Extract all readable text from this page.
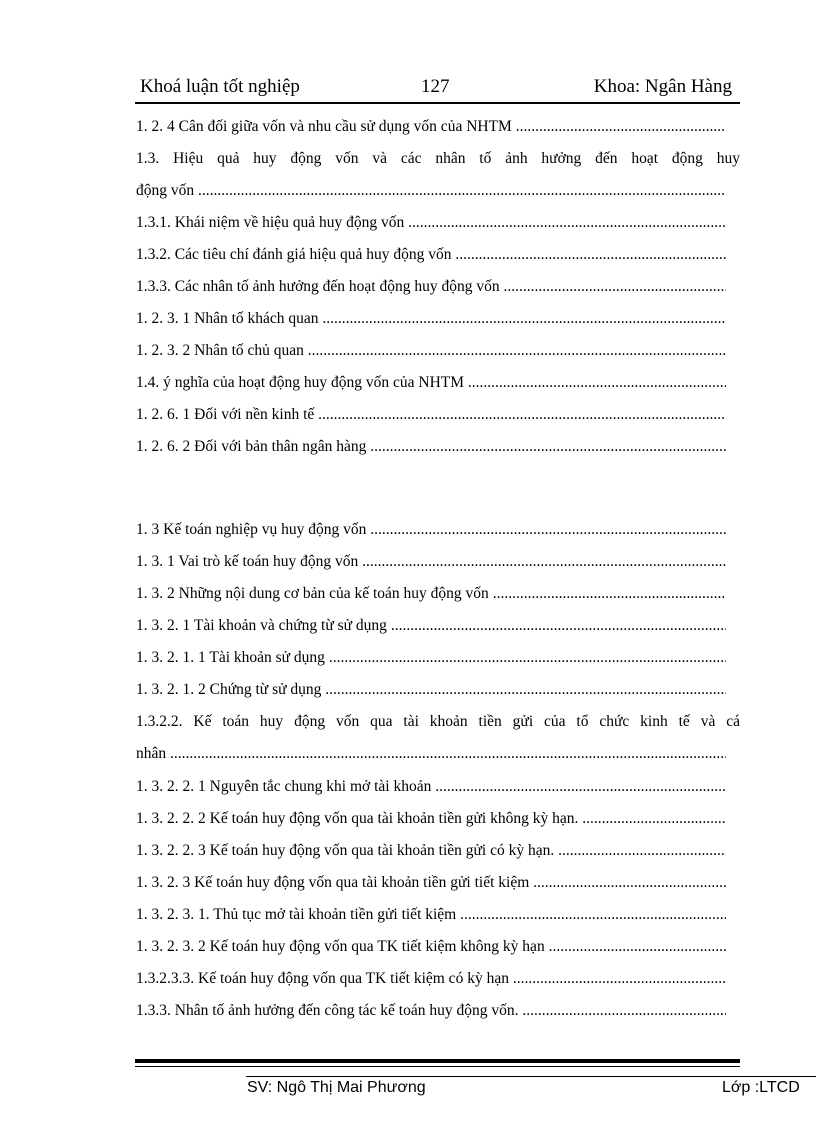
Khoá luận tốt nghiệp	127	Khoa: Ngân Hàng
1. 2. 4 Cân đối giữa vốn và nhu cầu sử dụng vốn của NHTM .....
1.3. Hiệu quả huy động vốn và các nhân tố ảnh hưởng đến hoạt động huy
động vốn .....
1.3.1. Khái niệm về hiệu quả huy động vốn .....
1.3.2. Các tiêu chí đánh giá hiệu quả huy động vốn .....
1.3.3. Các nhân tố ảnh hưởng đến hoạt động huy động vốn .....
1. 2. 3. 1 Nhân tố khách quan .....
1. 2. 3. 2 Nhân tố chủ quan .....
1.4. ý nghĩa của hoạt động huy động vốn của NHTM .....
1. 2. 6. 1 Đối với nền kinh tế .....
1. 2. 6. 2 Đối với bản thân ngân hàng .....
1. 3 Kế toán nghiệp vụ huy động vốn .....
1. 3. 1 Vai trò kế toán huy động vốn .....
1. 3. 2 Những nội dung cơ bản của kế toán huy động vốn .....
1. 3. 2. 1 Tài khoản và chứng từ sử dụng .....
1. 3. 2. 1. 1 Tài khoản sử dụng .....
1. 3. 2. 1. 2 Chứng từ sử dụng .....
1.3.2.2. Kế toán huy động vốn qua tài khoản tiền gửi của tổ chức kinh tế và cá
nhân .....
1. 3. 2. 2. 1 Nguyên tắc chung khi mở tài khoản .....
1. 3. 2. 2. 2 Kế toán huy động vốn qua tài khoản tiền gửi không kỳ hạn. .....
1. 3. 2. 2. 3 Kế toán huy động vốn qua tài khoản tiền gửi có kỳ hạn. .....
1. 3. 2. 3 Kế toán huy động vốn qua tài khoản tiền gửi tiết kiệm .....
1. 3. 2. 3. 1. Thủ tục mở tài khoản tiền gửi tiết kiệm .....
1. 3. 2. 3. 2 Kế toán huy động vốn qua TK tiết kiệm không kỳ hạn .....
1.3.2.3.3. Kế toán huy động vốn qua TK tiết kiệm có kỳ hạn .....
1.3.3. Nhân tố ảnh hưởng đến công tác kế toán huy động vốn. .....
SV: Ngô Thị Mai Phương	Lớp :LTCD
